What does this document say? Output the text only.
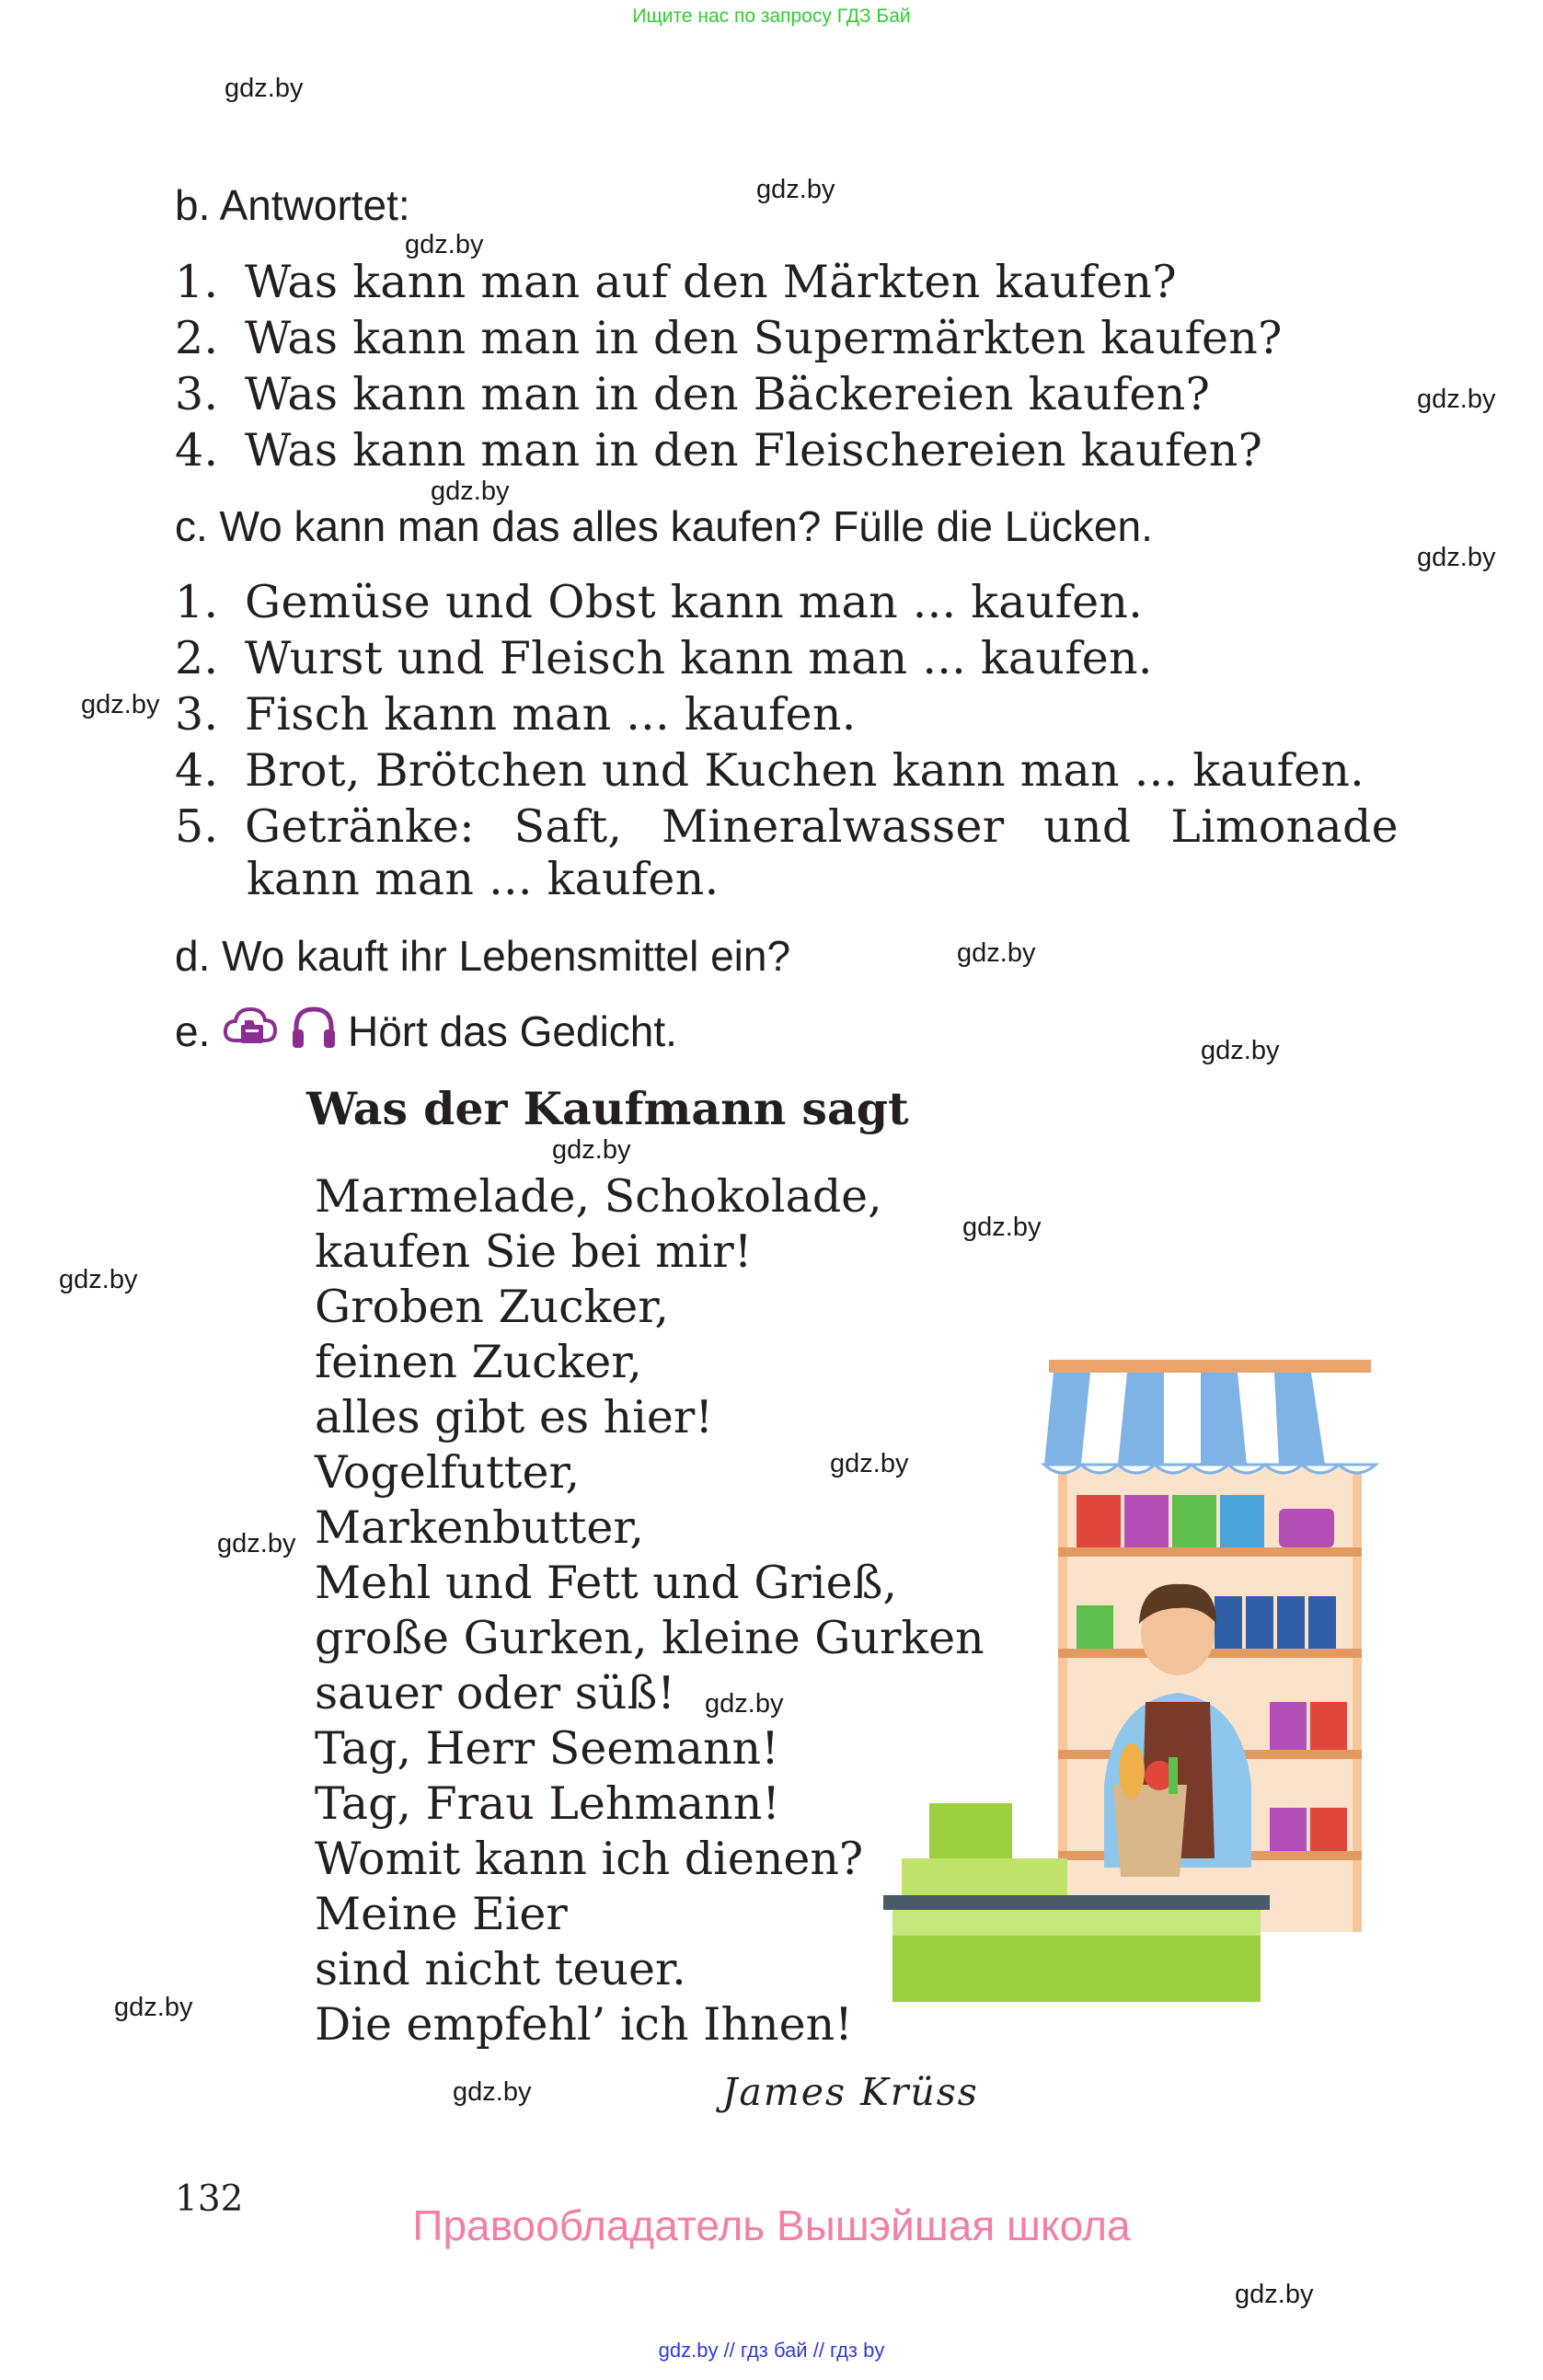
Ищите нас по запросу ГДЗ Бай
gdz.by
gdz.by
gdz.by
gdz.by
gdz.by
gdz.by
gdz.by
gdz.by
gdz.by
gdz.by
gdz.by
gdz.by
gdz.by
gdz.by
gdz.by
gdz.by
gdz.by
gdz.by
b. Antwortet:
1. Was kann man auf den Märkten kaufen?
2. Was kann man in den Supermärkten kaufen?
3. Was kann man in den Bäckereien kaufen?
4. Was kann man in den Fleischereien kaufen?
c. Wo kann man das alles kaufen? Fülle die Lücken.
1. Gemüse und Obst kann man ... kaufen.
2. Wurst und Fleisch kann man ... kaufen.
3. Fisch kann man ... kaufen.
4. Brot, Brötchen und Kuchen kann man ... kaufen.
5. Getränke: Saft, Mineralwasser und Limonade
kann man ... kaufen.
d. Wo kauft ihr Lebensmittel ein?
e.	Hört das Gedicht.
Was der Kaufmann sagt
Marmelade, Schokolade,
kaufen Sie bei mir!
Groben Zucker,
feinen Zucker,
alles gibt es hier!
Vogelfutter,
Markenbutter,
Mehl und Fett und Grieß,
große Gurken, kleine Gurken
sauer oder süß!
Tag, Herr Seemann!
Tag, Frau Lehmann!
Womit kann ich dienen?
Meine Eier
sind nicht teuer.
Die empfehl’ ich Ihnen!
James Krüss
132
Правообладатель Вышэйшая школа
gdz.by // гдз бай // гдз by
